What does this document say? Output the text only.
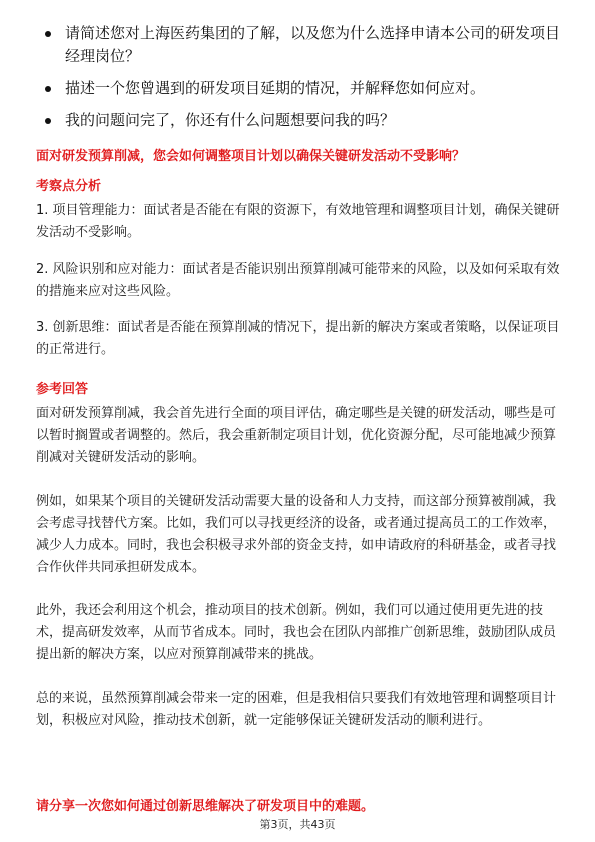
请简述您对上海医药集团的了解，以及您为什么选择申请本公司的研发项目经理岗位？
描述一个您曾遇到的研发项目延期的情况，并解释您如何应对。
我的问题问完了，你还有什么问题想要问我的吗？
面对研发预算削减，您会如何调整项目计划以确保关键研发活动不受影响？
考察点分析
1. 项目管理能力：面试者是否能在有限的资源下，有效地管理和调整项目计划，确保关键研发活动不受影响。
2. 风险识别和应对能力：面试者是否能识别出预算削减可能带来的风险，以及如何采取有效的措施来应对这些风险。
3. 创新思维：面试者是否能在预算削减的情况下，提出新的解决方案或者策略，以保证项目的正常进行。
参考回答
面对研发预算削减，我会首先进行全面的项目评估，确定哪些是关键的研发活动，哪些是可以暂时搁置或者调整的。然后，我会重新制定项目计划，优化资源分配，尽可能地减少预算削减对关键研发活动的影响。
例如，如果某个项目的关键研发活动需要大量的设备和人力支持，而这部分预算被削减，我会考虑寻找替代方案。比如，我们可以寻找更经济的设备，或者通过提高员工的工作效率，减少人力成本。同时，我也会积极寻求外部的资金支持，如申请政府的科研基金，或者寻找合作伙伴共同承担研发成本。
此外，我还会利用这个机会，推动项目的技术创新。例如，我们可以通过使用更先进的技术，提高研发效率，从而节省成本。同时，我也会在团队内部推广创新思维，鼓励团队成员提出新的解决方案，以应对预算削减带来的挑战。
总的来说，虽然预算削减会带来一定的困难，但是我相信只要我们有效地管理和调整项目计划，积极应对风险，推动技术创新，就一定能够保证关键研发活动的顺利进行。
请分享一次您如何通过创新思维解决了研发项目中的难题。
第3页，共43页
